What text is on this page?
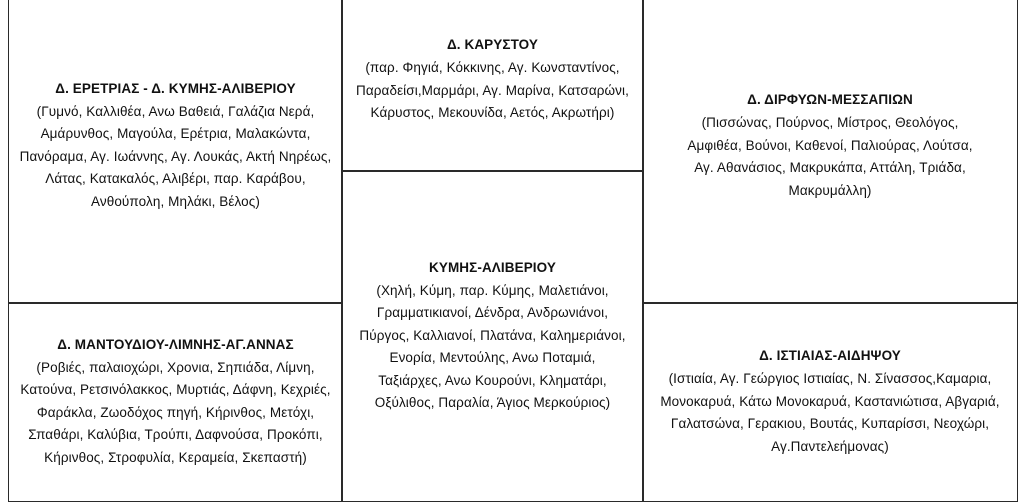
Δ. ΕΡΕΤΡΙΑΣ - Δ. ΚΥΜΗΣ-ΑΛΙΒΕΡΙΟΥ
(Γυμνό, Καλλιθέα, Ανω Βαθειά, Γαλάζια Νερά, Αμάρυνθος, Μαγούλα, Ερέτρια, Μαλακώντα, Πανόραμα, Αγ. Ιωάννης, Αγ. Λουκάς, Ακτή Νηρέως, Λάτας, Κατακαλός, Αλιβέρι, παρ. Καράβου, Ανθούπολη, Μηλάκι, Βέλος)
Δ. ΚΑΡΥΣΤΟΥ
(παρ. Φηγιά, Κόκκινης, Αγ. Κωνσταντίνος, Παραδείσι,Μαρμάρι, Αγ. Μαρίνα, Κατσαρώνι, Κάρυστος, Μεκουνίδα, Αετός, Ακρωτήρι)
Δ. ΔΙΡΦΥΩΝ-ΜΕΣΣΑΠΙΩΝ
(Πισσώνας, Πούρνος, Μίστρος, Θεολόγος, Αμφιθέα, Βούνοι, Καθενοί, Παλιούρας, Λούτσα, Αγ. Αθανάσιος, Μακρυκάπα, Αττάλη, Τριάδα, Μακρυμάλλη)
ΚΥΜΗΣ-ΑΛΙΒΕΡΙΟΥ
(Χηλή, Κύμη, παρ. Κύμης, Μαλετιάνοι, Γραμματικιανοί, Δένδρα, Ανδρωνιάνοι, Πύργος, Καλλιανοί, Πλατάνα, Καλημεριάνοι, Ενορία, Μεντούλης, Ανω Ποταμιά, Ταξιάρχες, Ανω Κουρούνι, Κληματάρι, Οξύλιθος, Παραλία, Άγιος Μερκούριος)
Δ. ΜΑΝΤΟΥΔΙΟΥ-ΛΙΜΝΗΣ-ΑΓ.ΑΝΝΑΣ
(Ροβιές, παλαιοχώρι, Χρονια, Σηπιάδα, Λίμνη, Κατούνα, Ρετσινόλακκος, Μυρτιάς, Δάφνη, Κεχριές, Φαράκλα, Ζωοδόχος πηγή, Κήρινθος, Μετόχι, Σπαθάρι, Καλύβια, Τρούπι, Δαφνούσα, Προκόπι, Κήρινθος, Στροφυλία, Κεραμεία, Σκεπαστή)
Δ. ΙΣΤΙΑΙΑΣ-ΑΙΔΗΨΟΥ
(Ιστιαία, Αγ. Γεώργιος Ιστιαίας, Ν. Σίνασσος,Καμαρια, Μονοκαρυά, Κάτω Μονοκαρυά, Καστανιώτισα, Αβγαριά, Γαλατσώνα, Γερακιου, Βουτάς, Κυπαρίσσι, Νεοχώρι, Αγ.Παντελεήμονας)
